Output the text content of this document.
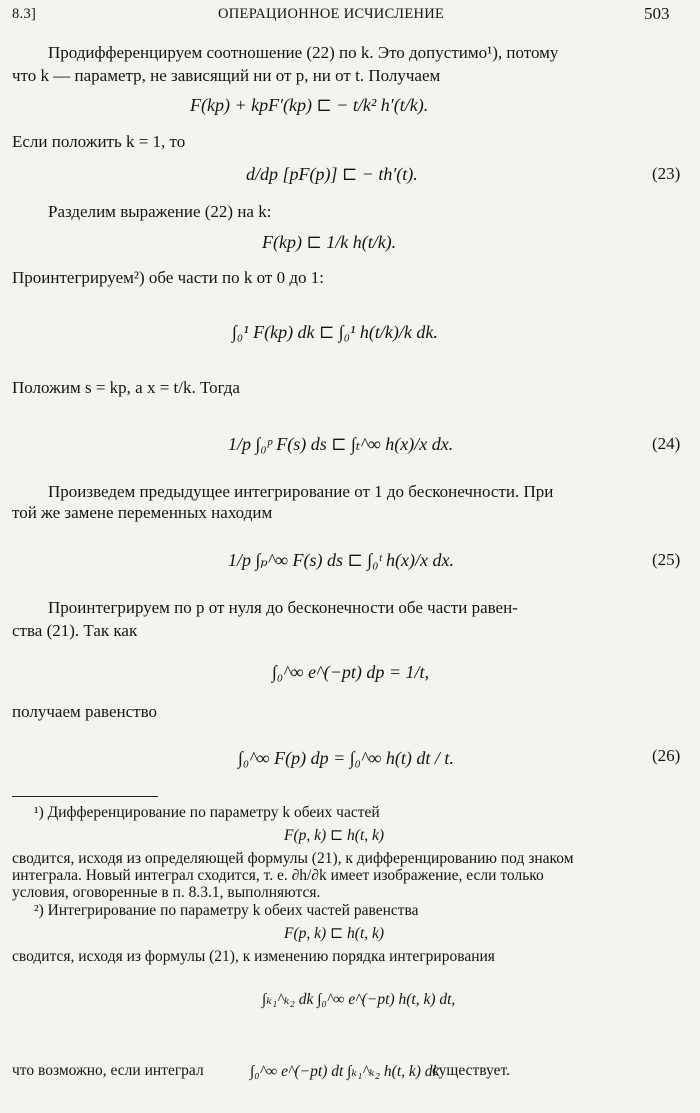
8.3]	ОПЕРАЦИОННОЕ ИСЧИСЛЕНИЕ	503
Продифференцируем соотношение (22) по k. Это допустимо¹), потому
что k — параметр, не зависящий ни от p, ни от t. Получаем
F(kp) + kpF′(kp) ⊏ − t/k² h′(t/k).
Если положить k = 1, то
d/dp [pF(p)] ⊏ − th′(t).	(23)
Разделим выражение (22) на k:
F(kp) ⊏ 1/k h(t/k).
Проинтегрируем²) обе части по k от 0 до 1:
∫₀¹ F(kp) dk ⊏ ∫₀¹ h(t/k)/k dk.
Положим s = kp, а x = t/k. Тогда
1/p ∫₀ᵖ F(s) ds ⊏ ∫ₜ^∞ h(x)/x dx.	(24)
Произведем предыдущее интегрирование от 1 до бесконечности. При
той же замене переменных находим
1/p ∫ₚ^∞ F(s) ds ⊏ ∫₀ᵗ h(x)/x dx.	(25)
Проинтегрируем по p от нуля до бесконечности обе части равен-
ства (21). Так как
∫₀^∞ e^(−pt) dp = 1/t,
получаем равенство
∫₀^∞ F(p) dp = ∫₀^∞ h(t) dt / t.	(26)
¹) Дифференцирование по параметру k обеих частей
F(p, k) ⊏ h(t, k)
сводится, исходя из определяющей формулы (21), к дифференцированию под знаком
интеграла. Новый интеграл сходится, т. е. ∂h/∂k имеет изображение, если только
условия, оговоренные в п. 8.3.1, выполняются.
²) Интегрирование по параметру k обеих частей равенства
F(p, k) ⊏ h(t, k)
сводится, исходя из формулы (21), к изменению порядка интегрирования
∫ₖ₁^ₖ₂ dk ∫₀^∞ e^(−pt) h(t, k) dt,
что возможно, если интеграл	∫₀^∞ e^(−pt) dt ∫ₖ₁^ₖ₂ h(t, k) dk
существует.
